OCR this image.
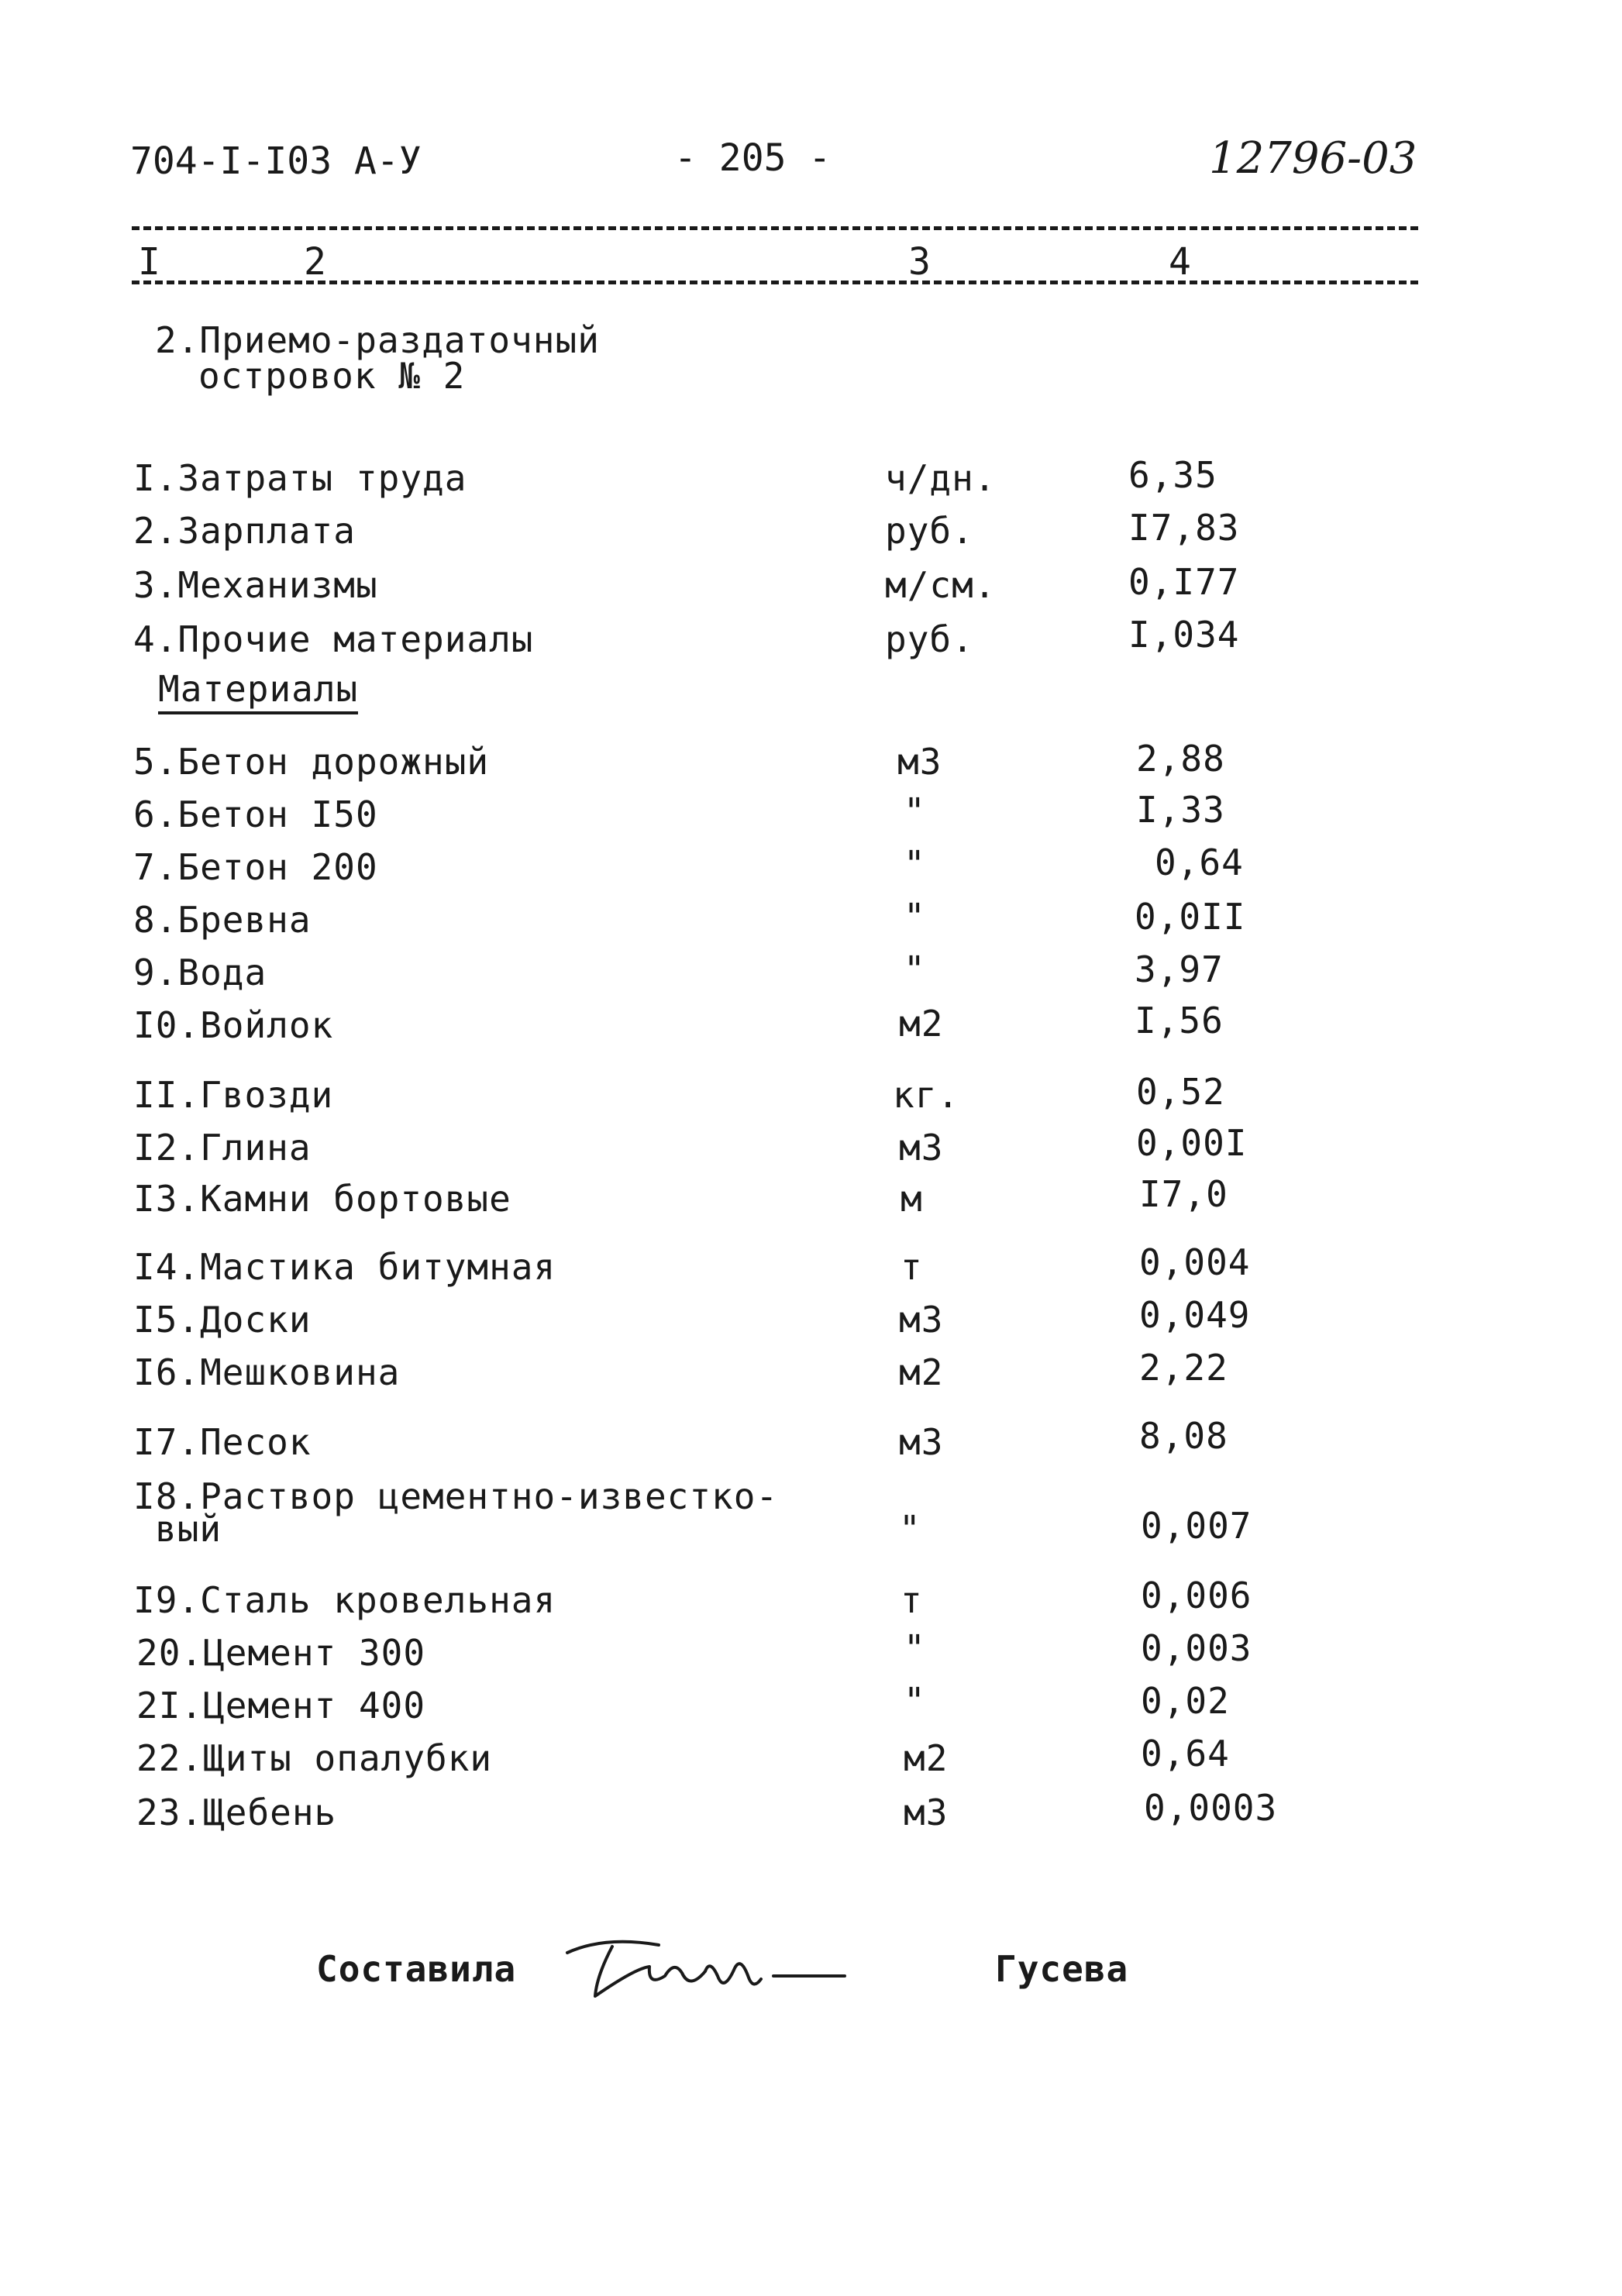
704-I-I03 А-У	- 205 -	12796-03
I	2	3	4
2.Приемо-раздаточный
островок № 2
I.Затраты труда	ч/дн.	6,35
2.Зарплата	руб.	I7,83
3.Механизмы	м/см.	0,I77
4.Прочие материалы	руб.	I,034
Материалы
5.Бетон дорожный	м3	2,88
6.Бетон I50	"	I,33
7.Бетон 200	"	0,64
8.Бревна	"	0,0II
9.Вода	"	3,97
I0.Войлок	м2	I,56
II.Гвозди	кг.	0,52
I2.Глина	м3	0,00I
I3.Камни бортовые	м	I7,0
I4.Мастика битумная	т	0,004
I5.Доски	м3	0,049
I6.Мешковина	м2	2,22
I7.Песок	м3	8,08
I8.Раствор цементно-известко-
вый	"	0,007
I9.Сталь кровельная	т	0,006
20.Цемент 300	"	0,003
2I.Цемент 400	"	0,02
22.Щиты опалубки	м2	0,64
23.Щебень	м3	0,0003
Составила	Гусева
